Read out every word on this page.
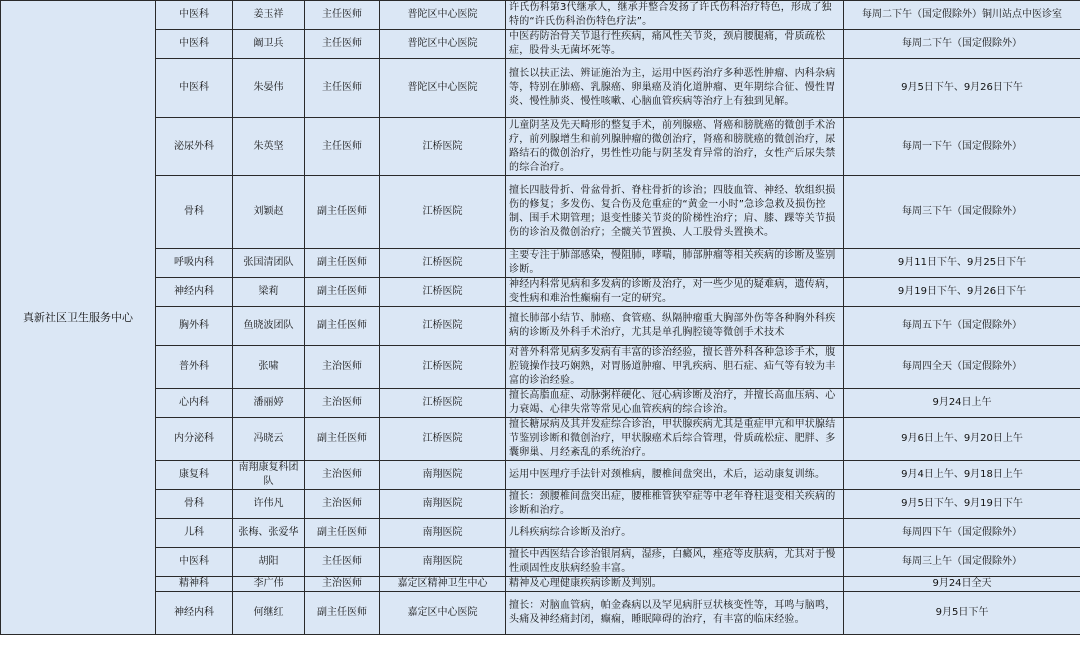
真新社区卫生服务中心	中医科	姜玉祥	主任医师	普陀区中心医院	许氏伤科第3代继承人，继承并整合发扬了许氏伤科治疗特色，形成了独特的“许氏伤科治伤特色疗法”。	每周二下午（国定假除外）铜川站点中医诊室
	中医科	阚卫兵	主任医师	普陀区中心医院	中医药防治骨关节退行性疾病，痛风性关节炎，颈肩腰腿痛，骨质疏松症，股骨头无菌坏死等。	每周二下午（国定假除外）
	中医科	朱晏伟	主任医师	普陀区中心医院	擅长以扶正法、辨证施治为主，运用中医药治疗多种恶性肿瘤、内科杂病等，特别在肺癌、乳腺癌、卵巢癌及消化道肿瘤、更年期综合征、慢性胃炎、慢性肺炎、慢性咳嗽、心脑血管疾病等治疗上有独到见解。	9月5日下午、9月26日下午
	泌尿外科	朱英坚	主任医师	江桥医院	儿童阴茎及先天畸形的整复手术，前列腺癌、肾癌和膀胱癌的微创手术治疗，前列腺增生和前列腺肿瘤的微创治疗，肾癌和膀胱癌的微创治疗，尿路结石的微创治疗，男性性功能与阴茎发育异常的治疗，女性产后尿失禁的综合治疗。	每周一下午（国定假除外）
	骨科	刘颖赵	副主任医师	江桥医院	擅长四肢骨折、骨盆骨折、脊柱骨折的诊治；四肢血管、神经、软组织损伤的修复；多发伤、复合伤及危重症的“黄金一小时”急诊急救及损伤控制、围手术期管理；退变性膝关节炎的阶梯性治疗；肩、膝、踝等关节损伤的诊治及微创治疗；全髋关节置换、人工股骨头置换术。	每周三下午（国定假除外）
	呼吸内科	张国清团队	副主任医师	江桥医院	主要专注于肺部感染，慢阻肺，哮喘，肺部肿瘤等相关疾病的诊断及鉴别诊断。	9月11日下午、9月25日下午
	神经内科	梁莉	副主任医师	江桥医院	神经内科常见病和多发病的诊断及治疗，对一些少见的疑难病，遗传病，变性病和难治性癫痫有一定的研究。	9月19日下午、9月26日下午
	胸外科	鱼晓波团队	副主任医师	江桥医院	擅长肺部小结节、肺癌、食管癌、纵隔肿瘤重大胸部外伤等各种胸外科疾病的诊断及外科手术治疗，尤其是单孔胸腔镜等微创手术技术	每周五下午（国定假除外）
	普外科	张啸	主治医师	江桥医院	对普外科常见病多发病有丰富的诊治经验，擅长普外科各种急诊手术，腹腔镜操作技巧娴熟，对胃肠道肿瘤、甲乳疾病、胆石症、疝气等有较为丰富的诊治经验。	每周四全天（国定假除外）
	心内科	潘丽婷	主治医师	江桥医院	擅长高脂血症、动脉粥样硬化、冠心病诊断及治疗，并擅长高血压病、心力衰竭、心律失常等常见心血管疾病的综合诊治。	9月24日上午
	内分泌科	冯晓云	副主任医师	江桥医院	擅长糖尿病及其并发症综合诊治，甲状腺疾病尤其是重症甲亢和甲状腺结节鉴别诊断和微创治疗，甲状腺癌术后综合管理，骨质疏松症、肥胖、多囊卵巢、月经紊乱的系统治疗。	9月6日上午、9月20日上午
	康复科	南翔康复科团队	主治医师	南翔医院	运用中医理疗手法针对颈椎病，腰椎间盘突出，术后，运动康复训练。	9月4日上午、9月18日上午
	骨科	许伟凡	主治医师	南翔医院	擅长：颈腰椎间盘突出症，腰椎椎管狭窄症等中老年脊柱退变相关疾病的诊断和治疗。	9月5日下午、9月19日下午
	儿科	张梅、张爱华	副主任医师	南翔医院	儿科疾病综合诊断及治疗。	每周四下午（国定假除外）
	中医科	胡阳	主任医师	南翔医院	擅长中西医结合诊治银屑病，湿疹，白癜风，痤疮等皮肤病，尤其对于慢性顽固性皮肤病经验丰富。	每周三上午（国定假除外）
	精神科	李广伟	主治医师	嘉定区精神卫生中心	精神及心理健康疾病诊断及判别。	9月24日全天
	神经内科	何继红	副主任医师	嘉定区中心医院	擅长：对脑血管病，帕金森病以及罕见病肝豆状核变性等，耳鸣与脑鸣，头痛及神经痛封闭，癫痫，睡眠障碍的治疗，有丰富的临床经验。	9月5日下午
